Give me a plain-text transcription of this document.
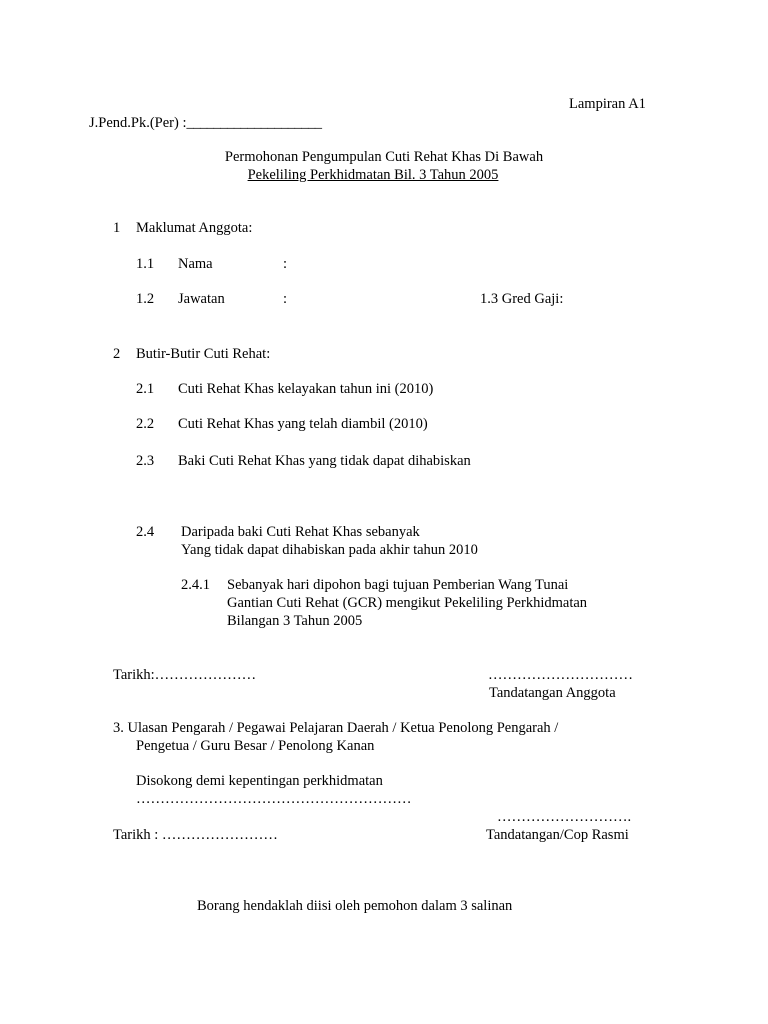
Lampiran A1
J.Pend.Pk.(Per) :____________________
Permohonan Pengumpulan Cuti Rehat Khas Di Bawah
Pekeliling Perkhidmatan Bil. 3 Tahun 2005
1 Maklumat Anggota:
1.1 Nama	:
1.2 Jawatan	:	1.3 Gred Gaji:
2 Butir-Butir Cuti Rehat:
2.1 Cuti Rehat Khas kelayakan tahun ini (2010)
2.2 Cuti Rehat Khas yang telah diambil (2010)
2.3 Baki Cuti Rehat Khas yang tidak dapat dihabiskan
2.4 Daripada baki Cuti Rehat Khas sebanyak
Yang tidak dapat dihabiskan pada akhir tahun 2010
2.4.1 Sebanyak hari dipohon bagi tujuan Pemberian Wang Tunai
Gantian Cuti Rehat (GCR) mengikut Pekeliling Perkhidmatan
Bilangan 3 Tahun 2005
Tarikh:…………………	…………………………
Tandatangan Anggota
3. Ulasan Pengarah / Pegawai Pelajaran Daerah / Ketua Penolong Pengarah /
Pengetua / Guru Besar / Penolong Kanan
Disokong demi kepentingan perkhidmatan
…………………………………………………
……………………….
Tarikh : ……………………	Tandatangan/Cop Rasmi
Borang hendaklah diisi oleh pemohon dalam 3 salinan
